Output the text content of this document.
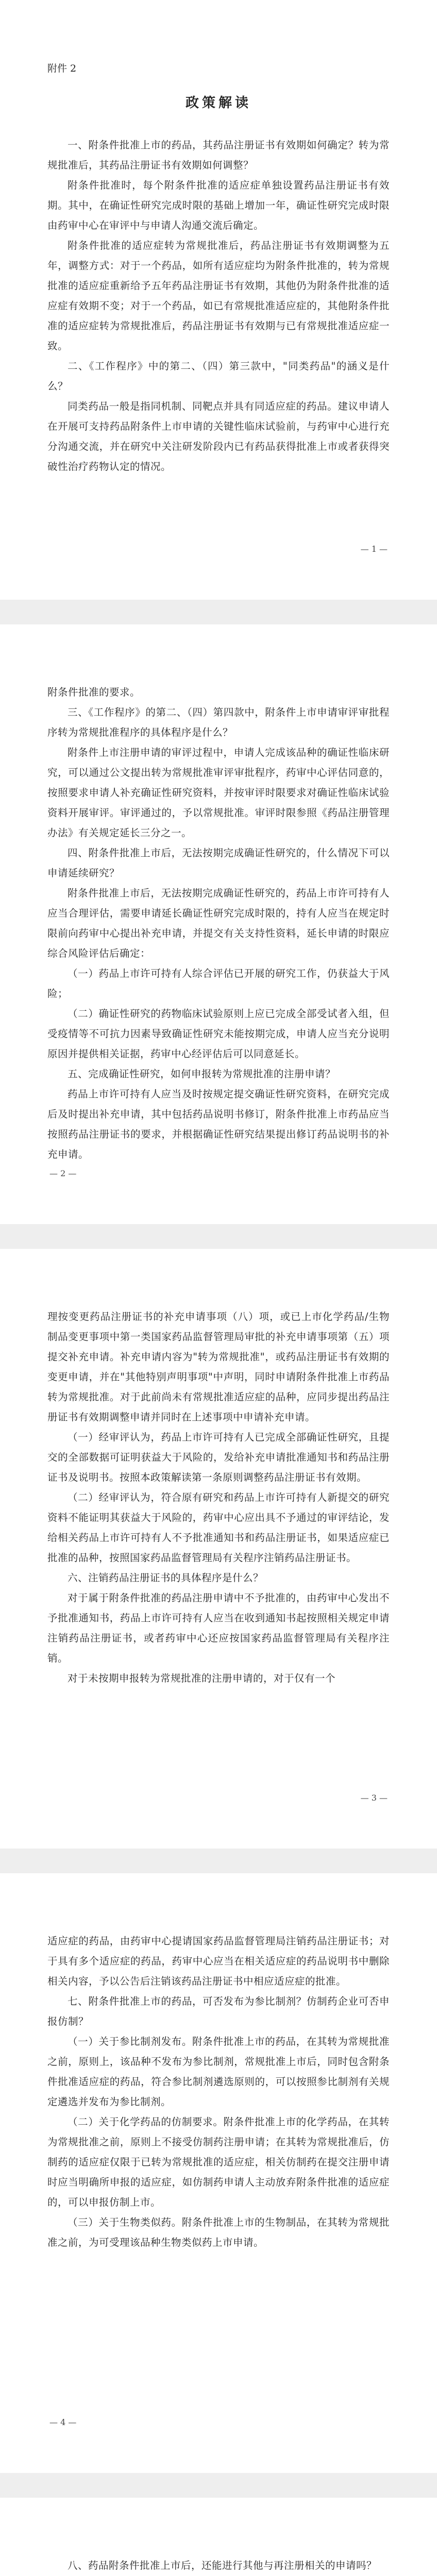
附件 2

政策解读

一、附条件批准上市的药品，其药品注册证书有效期如何确定？转为常规批准后，其药品注册证书有效期如何调整？

附条件批准时，每个附条件批准的适应症单独设置药品注册证书有效期。其中，在确证性研究完成时限的基础上增加一年，确证性研究完成时限由药审中心在审评中与申请人沟通交流后确定。

附条件批准的适应症转为常规批准后，药品注册证书有效期调整为五年，调整方式：对于一个药品，如所有适应症均为附条件批准的，转为常规批准的适应症重新给予五年药品注册证书有效期，其他仍为附条件批准的适应症有效期不变；对于一个药品，如已有常规批准适应症的，其他附条件批准的适应症转为常规批准后，药品注册证书有效期与已有常规批准适应症一致。

二、《工作程序》中的第二、（四）第三款中，"同类药品"的涵义是什么？

同类药品一般是指同机制、同靶点并具有同适应症的药品。建议申请人在开展可支持药品附条件上市申请的关键性临床试验前，与药审中心进行充分沟通交流，并在研究中关注研发阶段内已有药品获得批准上市或者获得突破性治疗药物认定的情况。

— 1 —

附条件批准的要求。

三、《工作程序》的第二、（四）第四款中，附条件上市申请审评审批程序转为常规批准程序的具体程序是什么？

附条件上市注册申请的审评过程中，申请人完成该品种的确证性临床研究，可以通过公文提出转为常规批准审评审批程序，药审中心评估同意的，按照要求申请人补充确证性研究资料，并按审评时限要求对确证性临床试验资料开展审评。审评通过的，予以常规批准。审评时限参照《药品注册管理办法》有关规定延长三分之一。

四、附条件批准上市后，无法按期完成确证性研究的，什么情况下可以申请延续研究？

附条件批准上市后，无法按期完成确证性研究的，药品上市许可持有人应当合理评估，需要申请延长确证性研究完成时限的，持有人应当在规定时限前向药审中心提出补充申请，并提交有关支持性资料，延长申请的时限应综合风险评估后确定：

（一）药品上市许可持有人综合评估已开展的研究工作，仍获益大于风险；

（二）确证性研究的药物临床试验原则上应已完成全部受试者入组，但受疫情等不可抗力因素导致确证性研究未能按期完成，申请人应当充分说明原因并提供相关证据，药审中心经评估后可以同意延长。

五、完成确证性研究，如何申报转为常规批准的注册申请？

药品上市许可持有人应当及时按规定提交确证性研究资料，在研究完成后及时提出补充申请，其中包括药品说明书修订，附条件批准上市药品应当按照药品注册证书的要求，并根据确证性研究结果提出修订药品说明书的补充申请。

— 2 —

理按变更药品注册证书的补充申请事项（八）项，或已上市化学药品/生物制品变更事项中第一类国家药品监督管理局审批的补充申请事项第（五）项提交补充申请。补充申请内容为"转为常规批准"，或药品注册证书有效期的变更申请，并在"其他特别声明事项"中声明，同时申请附条件批准上市药品转为常规批准。对于此前尚未有常规批准适应症的品种，应同步提出药品注册证书有效期调整申请并同时在上述事项中申请补充申请。

（一）经审评认为，药品上市许可持有人已完成全部确证性研究，且提交的全部数据可证明获益大于风险的，发给补充申请批准通知书和药品注册证书及说明书。按照本政策解读第一条原则调整药品注册证书有效期。

（二）经审评认为，符合原有研究和药品上市许可持有人新提交的研究资料不能证明其获益大于风险的，药审中心应出具不予通过的审评结论，发给相关药品上市许可持有人不予批准通知书和药品注册证书，如果适应症已批准的品种，按照国家药品监督管理局有关程序注销药品注册证书。

六、注销药品注册证书的具体程序是什么？

对于属于附条件批准的药品注册申请中不予批准的，由药审中心发出不予批准通知书，药品上市许可持有人应当在收到通知书起按照相关规定申请注销药品注册证书，或者药审中心还应按国家药品监督管理局有关程序注销。

对于未按期申报转为常规批准的注册申请的，对于仅有一个

— 3 —

适应症的药品，由药审中心提请国家药品监督管理局注销药品注册证书；对于具有多个适应症的药品，药审中心应当在相关适应症的药品说明书中删除相关内容，予以公告后注销该药品注册证书中相应适应症的批准。

七、附条件批准上市的药品，可否发布为参比制剂？仿制药企业可否申报仿制？

（一）关于参比制剂发布。附条件批准上市的药品，在其转为常规批准之前，原则上，该品种不发布为参比制剂，常规批准上市后，同时包含附条件批准适应症的药品，符合参比制剂遴选原则的，可以按照参比制剂有关规定遴选并发布为参比制剂。

（二）关于化学药品的仿制要求。附条件批准上市的化学药品，在其转为常规批准之前，原则上不接受仿制药注册申请；在其转为常规批准后，仿制药的适应症仅限于已转为常规批准的适应症，相关仿制药在提交注册申请时应当明确所申报的适应症，如仿制药申请人主动放弃附条件批准的适应症的，可以申报仿制上市。

（三）关于生物类似药。附条件批准上市的生物制品，在其转为常规批准之前，为可受理该品种生物类似药上市申请。

— 4 —

八、药品附条件批准上市后，还能进行其他与再注册相关的申请吗？
